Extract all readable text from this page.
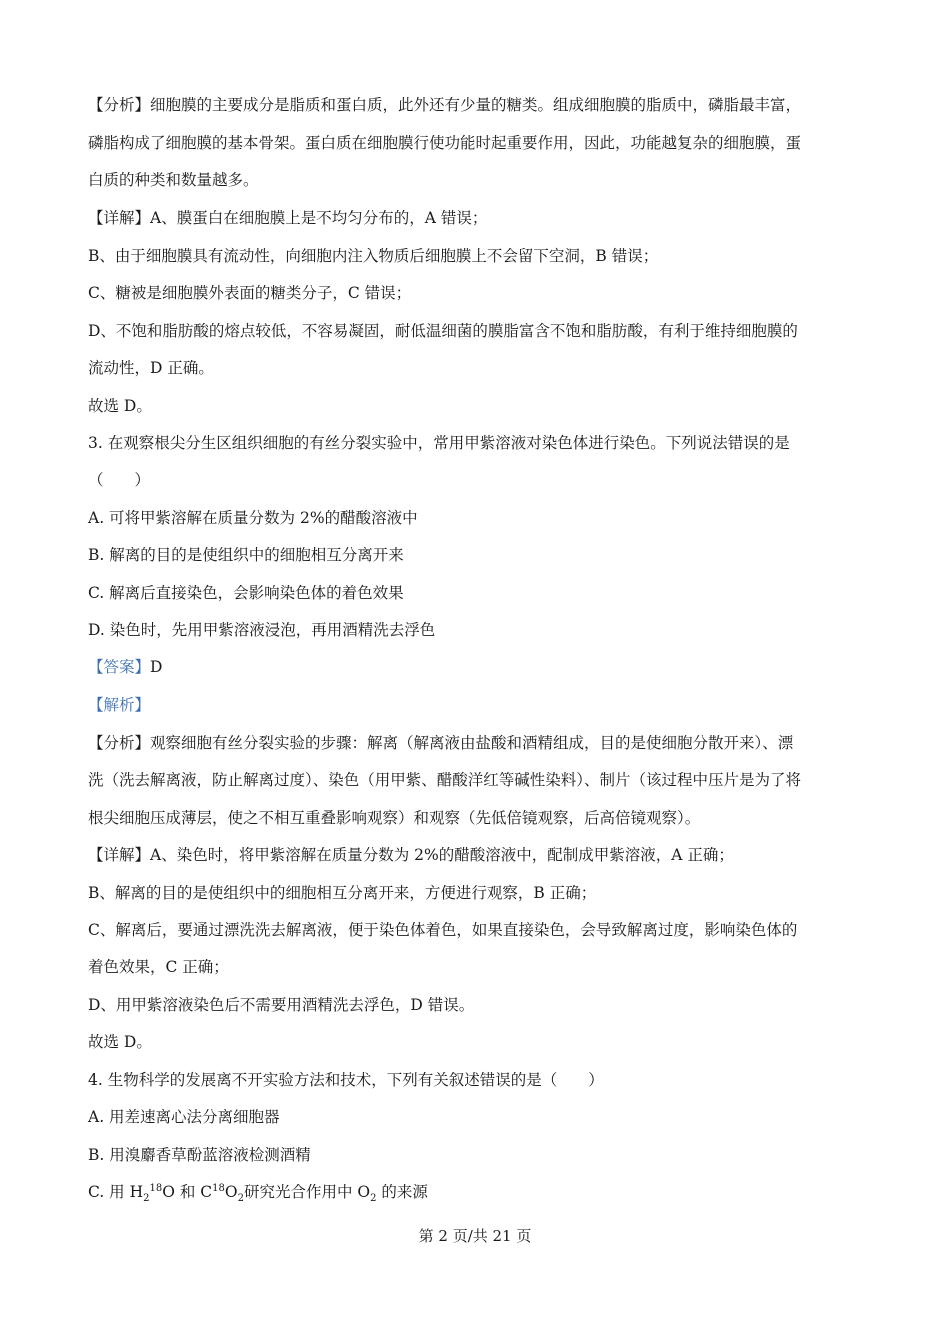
【分析】细胞膜的主要成分是脂质和蛋白质，此外还有少量的糖类。组成细胞膜的脂质中，磷脂最丰富，
磷脂构成了细胞膜的基本骨架。蛋白质在细胞膜行使功能时起重要作用，因此，功能越复杂的细胞膜，蛋
白质的种类和数量越多。
【详解】A、膜蛋白在细胞膜上是不均匀分布的，A 错误；
B、由于细胞膜具有流动性，向细胞内注入物质后细胞膜上不会留下空洞，B 错误；
C、糖被是细胞膜外表面的糖类分子，C 错误；
D、不饱和脂肪酸的熔点较低，不容易凝固，耐低温细菌的膜脂富含不饱和脂肪酸，有利于维持细胞膜的
流动性，D 正确。
故选 D。
3. 在观察根尖分生区组织细胞的有丝分裂实验中，常用甲紫溶液对染色体进行染色。下列说法错误的是
（　　）
A. 可将甲紫溶解在质量分数为 2%的醋酸溶液中
B. 解离的目的是使组织中的细胞相互分离开来
C. 解离后直接染色，会影响染色体的着色效果
D. 染色时，先用甲紫溶液浸泡，再用酒精洗去浮色
【答案】D
【解析】
【分析】观察细胞有丝分裂实验的步骤：解离（解离液由盐酸和酒精组成，目的是使细胞分散开来）、漂
洗（洗去解离液，防止解离过度）、染色（用甲紫、醋酸洋红等碱性染料）、制片（该过程中压片是为了将
根尖细胞压成薄层，使之不相互重叠影响观察）和观察（先低倍镜观察，后高倍镜观察）。
【详解】A、染色时，将甲紫溶解在质量分数为 2%的醋酸溶液中，配制成甲紫溶液，A 正确；
B、解离的目的是使组织中的细胞相互分离开来，方便进行观察，B 正确；
C、解离后，要通过漂洗洗去解离液，便于染色体着色，如果直接染色，会导致解离过度，影响染色体的
着色效果，C 正确；
D、用甲紫溶液染色后不需要用酒精洗去浮色，D 错误。
故选 D。
4. 生物科学的发展离不开实验方法和技术，下列有关叙述错误的是（　　）
A. 用差速离心法分离细胞器
B. 用溴麝香草酚蓝溶液检测酒精
C. 用 $H_2^{18}O$ 和 $C^{18}O_2$研究光合作用中 $O_2$ 的来源
第 2 页/共 21 页
